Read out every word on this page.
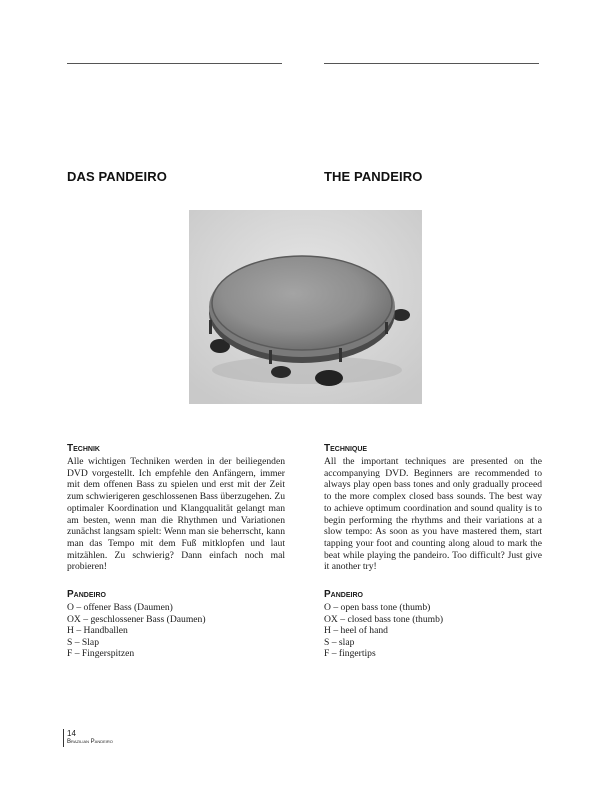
DAS PANDEIRO	THE PANDEIRO
Technik

Alle wichtigen Techniken werden in der beiliegenden DVD vorgestellt. Ich empfehle den Anfängern, immer mit dem offenen Bass zu spielen und erst mit der Zeit zum schwierigeren geschlossenen Bass überzugehen. Zu optimaler Koordination und Klangqualität gelangt man am besten, wenn man die Rhythmen und Variationen zunächst langsam spielt: Wenn man sie beherrscht, kann man das Tempo mit dem Fuß mitklopfen und laut mitzählen. Zu schwierig? Dann einfach noch mal probieren!

Technique

All the important techniques are presented on the accompanying DVD. Beginners are recommended to always play open bass tones and only gradually proceed to the more complex closed bass sounds. The best way to achieve optimum coordination and sound quality is to begin performing the rhythms and their variations at a slow tempo: As soon as you have mastered them, start tapping your foot and counting along aloud to mark the beat while playing the pandeiro. Too difficult? Just give it another try!

Pandeiro
O – offener Bass (Daumen)
OX – geschlossener Bass (Daumen)
H – Handballen
S – Slap
F – Fingerspitzen
Pandeiro
O – open bass tone (thumb)
OX – closed bass tone (thumb)
H – heel of hand
S – slap
F – fingertips
14
Brazilian Pandeiro
